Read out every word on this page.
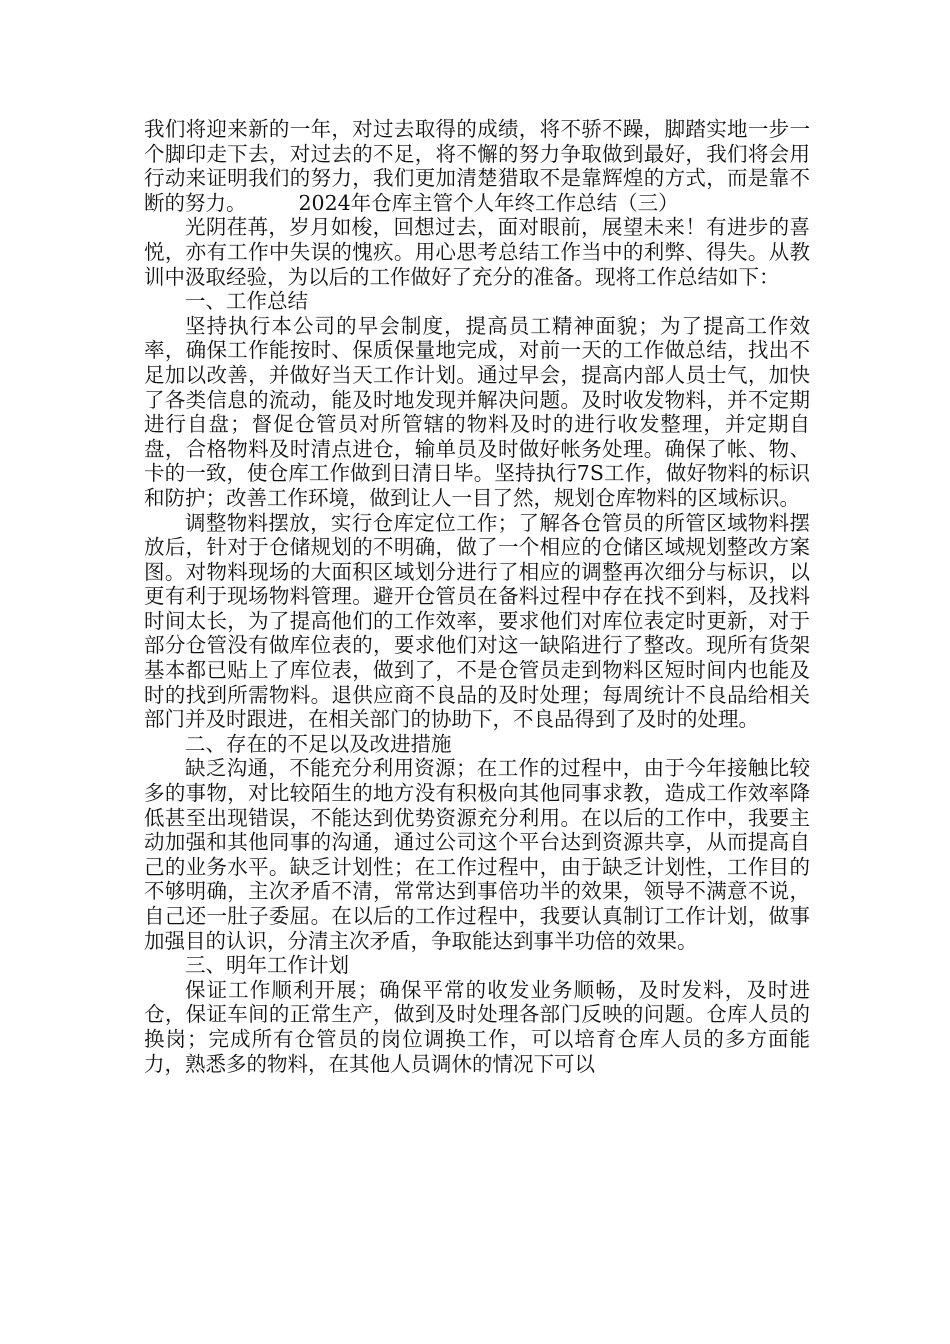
我们将迎来新的一年，对过去取得的成绩，将不骄不躁，脚踏实地一步一个脚印走下去，对过去的不足，将不懈的努力争取做到最好，我们将会用行动来证明我们的努力，我们更加清楚猎取不是靠辉煌的方式，而是靠不断的努力。	2024年仓库主管个人年终工作总结（三）

光阴荏苒，岁月如梭，回想过去，面对眼前，展望未来！有进步的喜悦，亦有工作中失误的愧疚。用心思考总结工作当中的利弊、得失。从教训中汲取经验，为以后的工作做好了充分的准备。现将工作总结如下：

一、工作总结

坚持执行本公司的早会制度，提高员工精神面貌；为了提高工作效率，确保工作能按时、保质保量地完成，对前一天的工作做总结，找出不足加以改善，并做好当天工作计划。通过早会，提高内部人员士气，加快了各类信息的流动，能及时地发现并解决问题。及时收发物料，并不定期进行自盘；督促仓管员对所管辖的物料及时的进行收发整理，并定期自盘，合格物料及时清点进仓，输单员及时做好帐务处理。确保了帐、物、卡的一致，使仓库工作做到日清日毕。坚持执行7S工作，做好物料的标识和防护；改善工作环境，做到让人一目了然，规划仓库物料的区域标识。

调整物料摆放，实行仓库定位工作；了解各仓管员的所管区域物料摆放后，针对于仓储规划的不明确，做了一个相应的仓储区域规划整改方案图。对物料现场的大面积区域划分进行了相应的调整再次细分与标识，以更有利于现场物料管理。避开仓管员在备料过程中存在找不到料，及找料时间太长，为了提高他们的工作效率，要求他们对库位表定时更新，对于部分仓管没有做库位表的，要求他们对这一缺陷进行了整改。现所有货架基本都已贴上了库位表，做到了，不是仓管员走到物料区短时间内也能及时的找到所需物料。退供应商不良品的及时处理；每周统计不良品给相关部门并及时跟进，在相关部门的协助下，不良品得到了及时的处理。

二、存在的不足以及改进措施

缺乏沟通，不能充分利用资源；在工作的过程中，由于今年接触比较多的事物，对比较陌生的地方没有积极向其他同事求教，造成工作效率降低甚至出现错误，不能达到优势资源充分利用。在以后的工作中，我要主动加强和其他同事的沟通，通过公司这个平台达到资源共享，从而提高自己的业务水平。缺乏计划性；在工作过程中，由于缺乏计划性，工作目的不够明确，主次矛盾不清，常常达到事倍功半的效果，领导不满意不说，自己还一肚子委屈。在以后的工作过程中，我要认真制订工作计划，做事加强目的认识，分清主次矛盾，争取能达到事半功倍的效果。

三、明年工作计划

保证工作顺利开展；确保平常的收发业务顺畅，及时发料，及时进仓，保证车间的正常生产，做到及时处理各部门反映的问题。仓库人员的换岗；完成所有仓管员的岗位调换工作，可以培育仓库人员的多方面能力，熟悉多的物料，在其他人员调休的情况下可以
